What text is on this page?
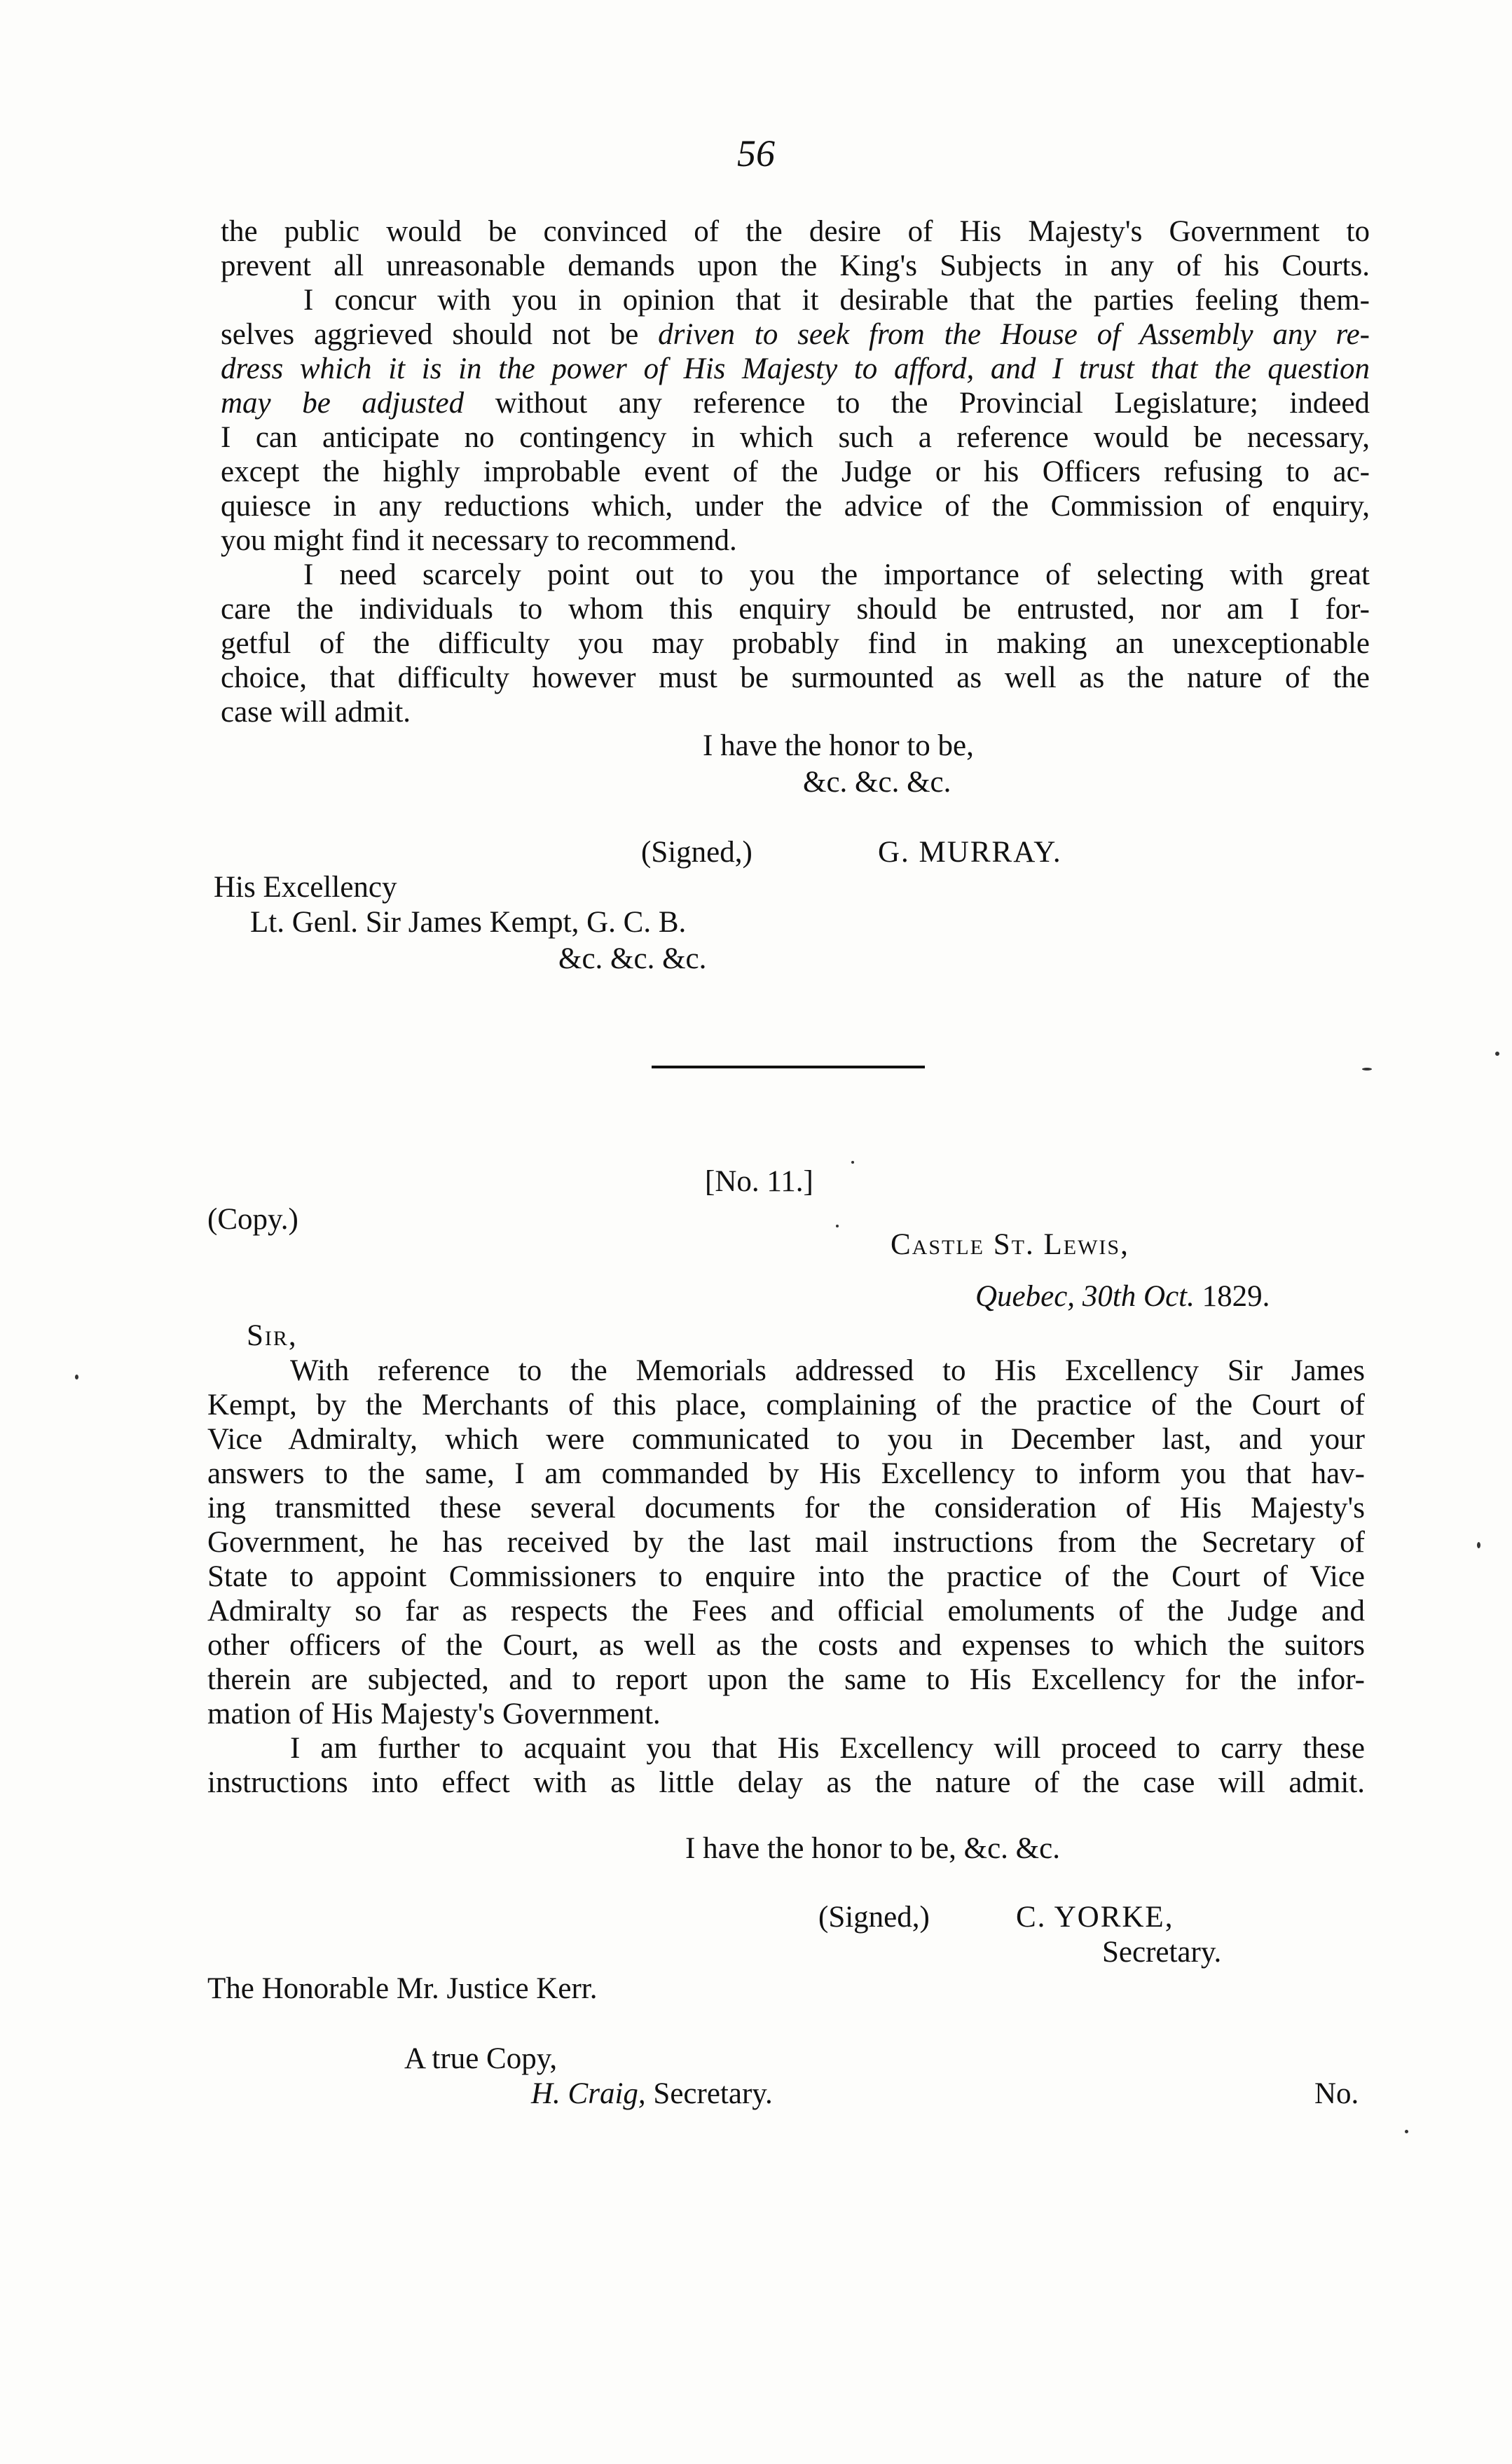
56
the public would be convinced of the desire of His Majesty's Government to
prevent all unreasonable demands upon the King's Subjects in any of his Courts.
I concur with you in opinion that it desirable that the parties feeling them-
selves aggrieved should not be driven to seek from the House of Assembly any re-
dress which it is in the power of His Majesty to afford, and I trust that the question
may be adjusted without any reference to the Provincial Legislature; indeed
I can anticipate no contingency in which such a reference would be necessary,
except the highly improbable event of the Judge or his Officers refusing to ac-
quiesce in any reductions which, under the advice of the Commission of enquiry,
you might find it necessary to recommend.
I need scarcely point out to you the importance of selecting with great
care the individuals to whom this enquiry should be entrusted, nor am I for-
getful of the difficulty you may probably find in making an unexceptionable
choice, that difficulty however must be surmounted as well as the nature of the
case will admit.
I have the honor to be,
&c. &c. &c.
(Signed,)	G. MURRAY.
His Excellency
Lt. Genl. Sir James Kempt, G. C. B.
&c. &c. &c.
[No. 11.]
(Copy.)
Castle St. Lewis,
Quebec, 30th Oct. 1829.
Sir,
With reference to the Memorials addressed to His Excellency Sir James
Kempt, by the Merchants of this place, complaining of the practice of the Court of
Vice Admiralty, which were communicated to you in December last, and your
answers to the same, I am commanded by His Excellency to inform you that hav-
ing transmitted these several documents for the consideration of His Majesty's
Government, he has received by the last mail instructions from the Secretary of
State to appoint Commissioners to enquire into the practice of the Court of Vice
Admiralty so far as respects the Fees and official emoluments of the Judge and
other officers of the Court, as well as the costs and expenses to which the suitors
therein are subjected, and to report upon the same to His Excellency for the infor-
mation of His Majesty's Government.
I am further to acquaint you that His Excellency will proceed to carry these
instructions into effect with as little delay as the nature of the case will admit.
I have the honor to be, &c. &c.
(Signed,)	C. YORKE,
Secretary.
The Honorable Mr. Justice Kerr.
A true Copy,
H. Craig, Secretary.	No.
